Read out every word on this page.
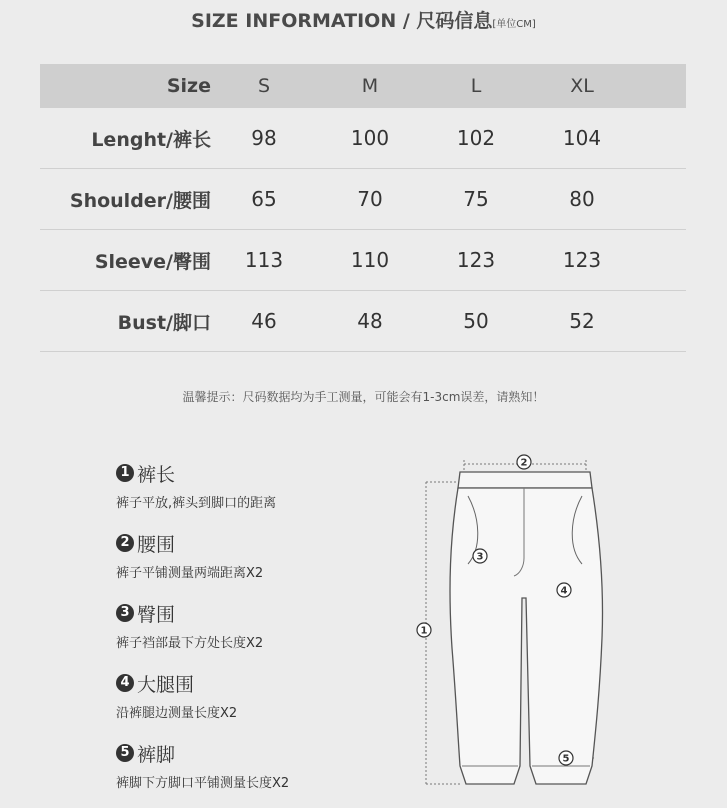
SIZE INFORMATION / 尺码信息[单位CM]
Size	S	M	L	XL
Lenght/裤长	98	100	102	104
Shoulder/腰围	65	70	75	80
Sleeve/臀围	113	110	123	123
Bust/脚口	46	48	50	52
温馨提示：尺码数据均为手工测量，可能会有1-3cm误差，请熟知！
1 裤长
裤子平放,裤头到脚口的距离
2 腰围
裤子平铺测量两端距离X2
3 臀围
裤子裆部最下方处长度X2
4 大腿围
沿裤腿边测量长度X2
5 裤脚
裤脚下方脚口平铺测量长度X2
2
1
3
4
5
